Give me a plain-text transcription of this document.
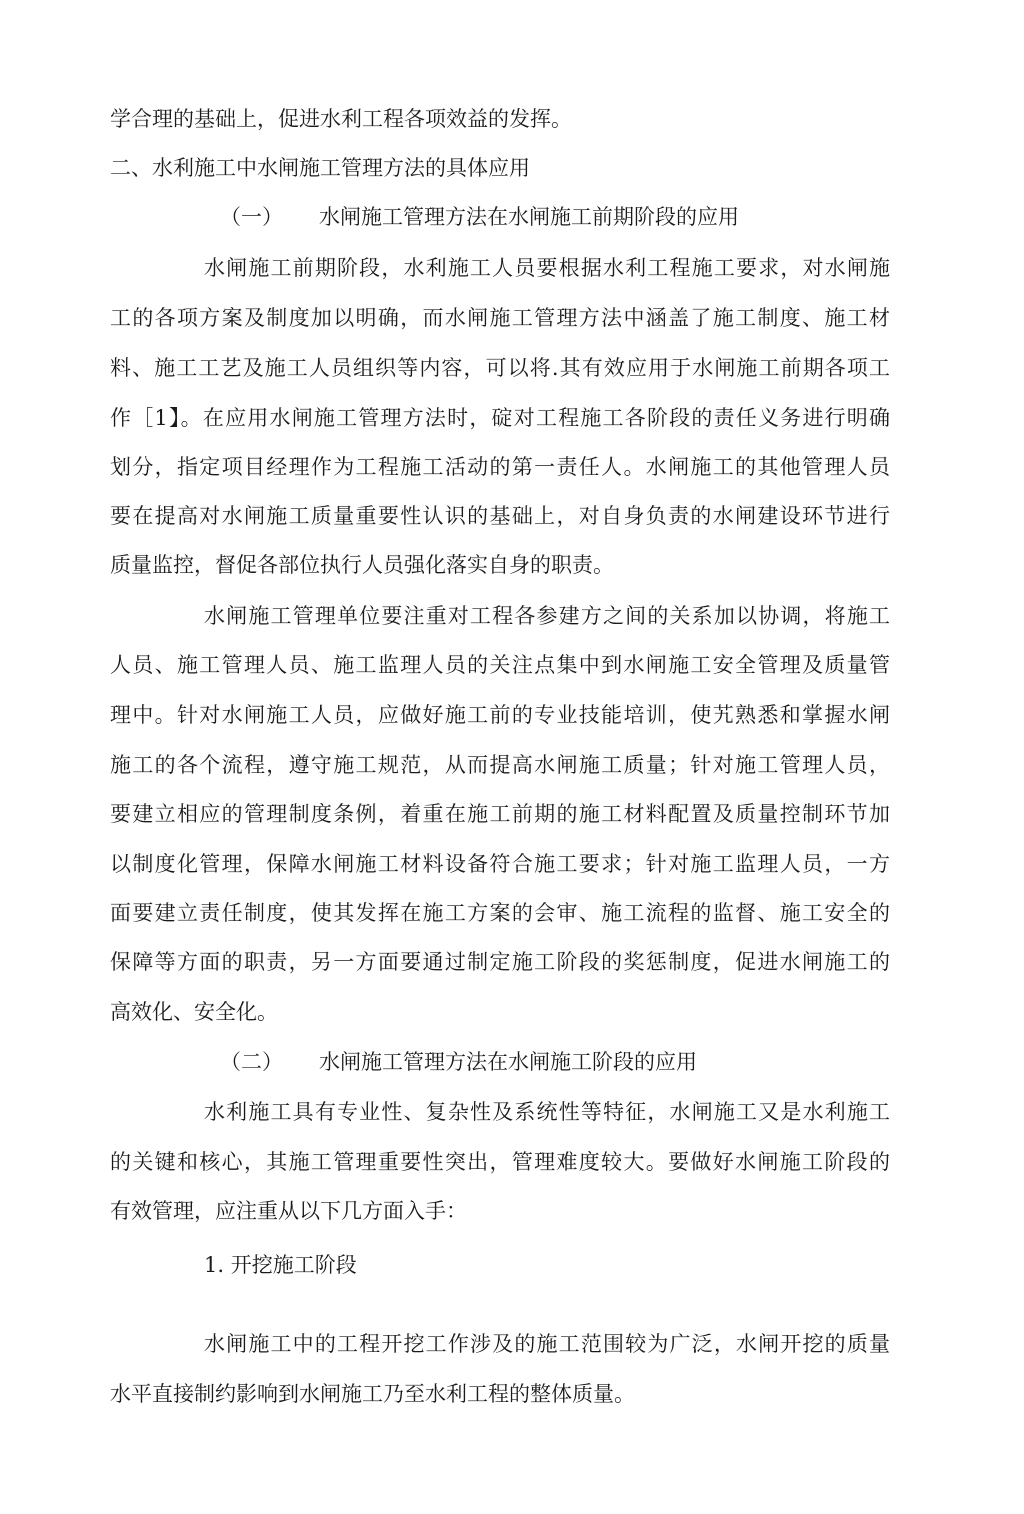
学合理的基础上，促进水利工程各项效益的发挥。

二、水利施工中水闸施工管理方法的具体应用

（一） 水闸施工管理方法在水闸施工前期阶段的应用

水闸施工前期阶段，水利施工人员要根据水利工程施工要求，对水闸施

工的各项方案及制度加以明确，而水闸施工管理方法中涵盖了施工制度、施工材

料、施工工艺及施工人员组织等内容，可以将.其有效应用于水闸施工前期各项工

作［1】。在应用水闸施工管理方法时，碇对工程施工各阶段的责任义务进行明确

划分，指定项目经理作为工程施工活动的第一责任人。水闸施工的其他管理人员

要在提高对水闸施工质量重要性认识的基础上，对自身负责的水闸建设环节进行

质量监控，督促各部位执行人员强化落实自身的职责。

水闸施工管理单位要注重对工程各参建方之间的关系加以协调，将施工

人员、施工管理人员、施工监理人员的关注点集中到水闸施工安全管理及质量管

理中。针对水闸施工人员，应做好施工前的专业技能培训，使艽熟悉和掌握水闸

施工的各个流程，遵守施工规范，从而提高水闸施工质量；针对施工管理人员，

要建立相应的管理制度条例，着重在施工前期的施工材料配置及质量控制环节加

以制度化管理，保障水闸施工材料设备符合施工要求；针对施工监理人员，一方

面要建立责任制度，使其发挥在施工方案的会审、施工流程的监督、施工安全的

保障等方面的职责，另一方面要通过制定施工阶段的奖惩制度，促进水闸施工的

高效化、安全化。

（二） 水闸施工管理方法在水闸施工阶段的应用

水利施工具有专业性、复杂性及系统性等特征，水闸施工又是水利施工

的关键和核心，其施工管理重要性突出，管理难度较大。要做好水闸施工阶段的

有效管理，应注重从以下几方面入手：

1. 开挖施工阶段

水闸施工中的工程开挖工作涉及的施工范围较为广泛，水闸开挖的质量

水平直接制约影响到水闸施工乃至水利工程的整体质量。
